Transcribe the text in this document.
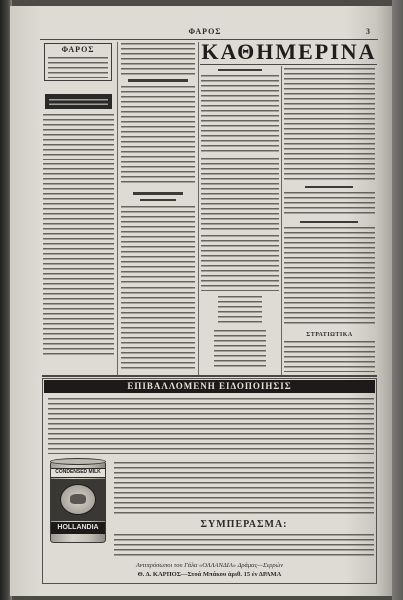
ΦΑΡΟΣ	3
ΦΑΡΟΣ	ΚΑΘΗΜΕΡΙΝΑ
ΣΤΡΑΤΙΩΤΙΚΑ
ΕΠΙΒΑΛΛΟΜΕΝΗ ΕΙΔΟΠΟΙΗΣΙΣ
CONDENSED MILK
HOLLANDIA	ΣΥΜΠΕΡΑΣΜΑ:
Αντιπρόσωποι του Γάλα «ΟΛΛΑΝΔΙΑ» Δράμας—Σερρών
Θ. Δ. ΚΑΡΠΟΣ—Στοά Μπάκου ἀριθ. 15 ἐν ΔΡΑΜΑ
